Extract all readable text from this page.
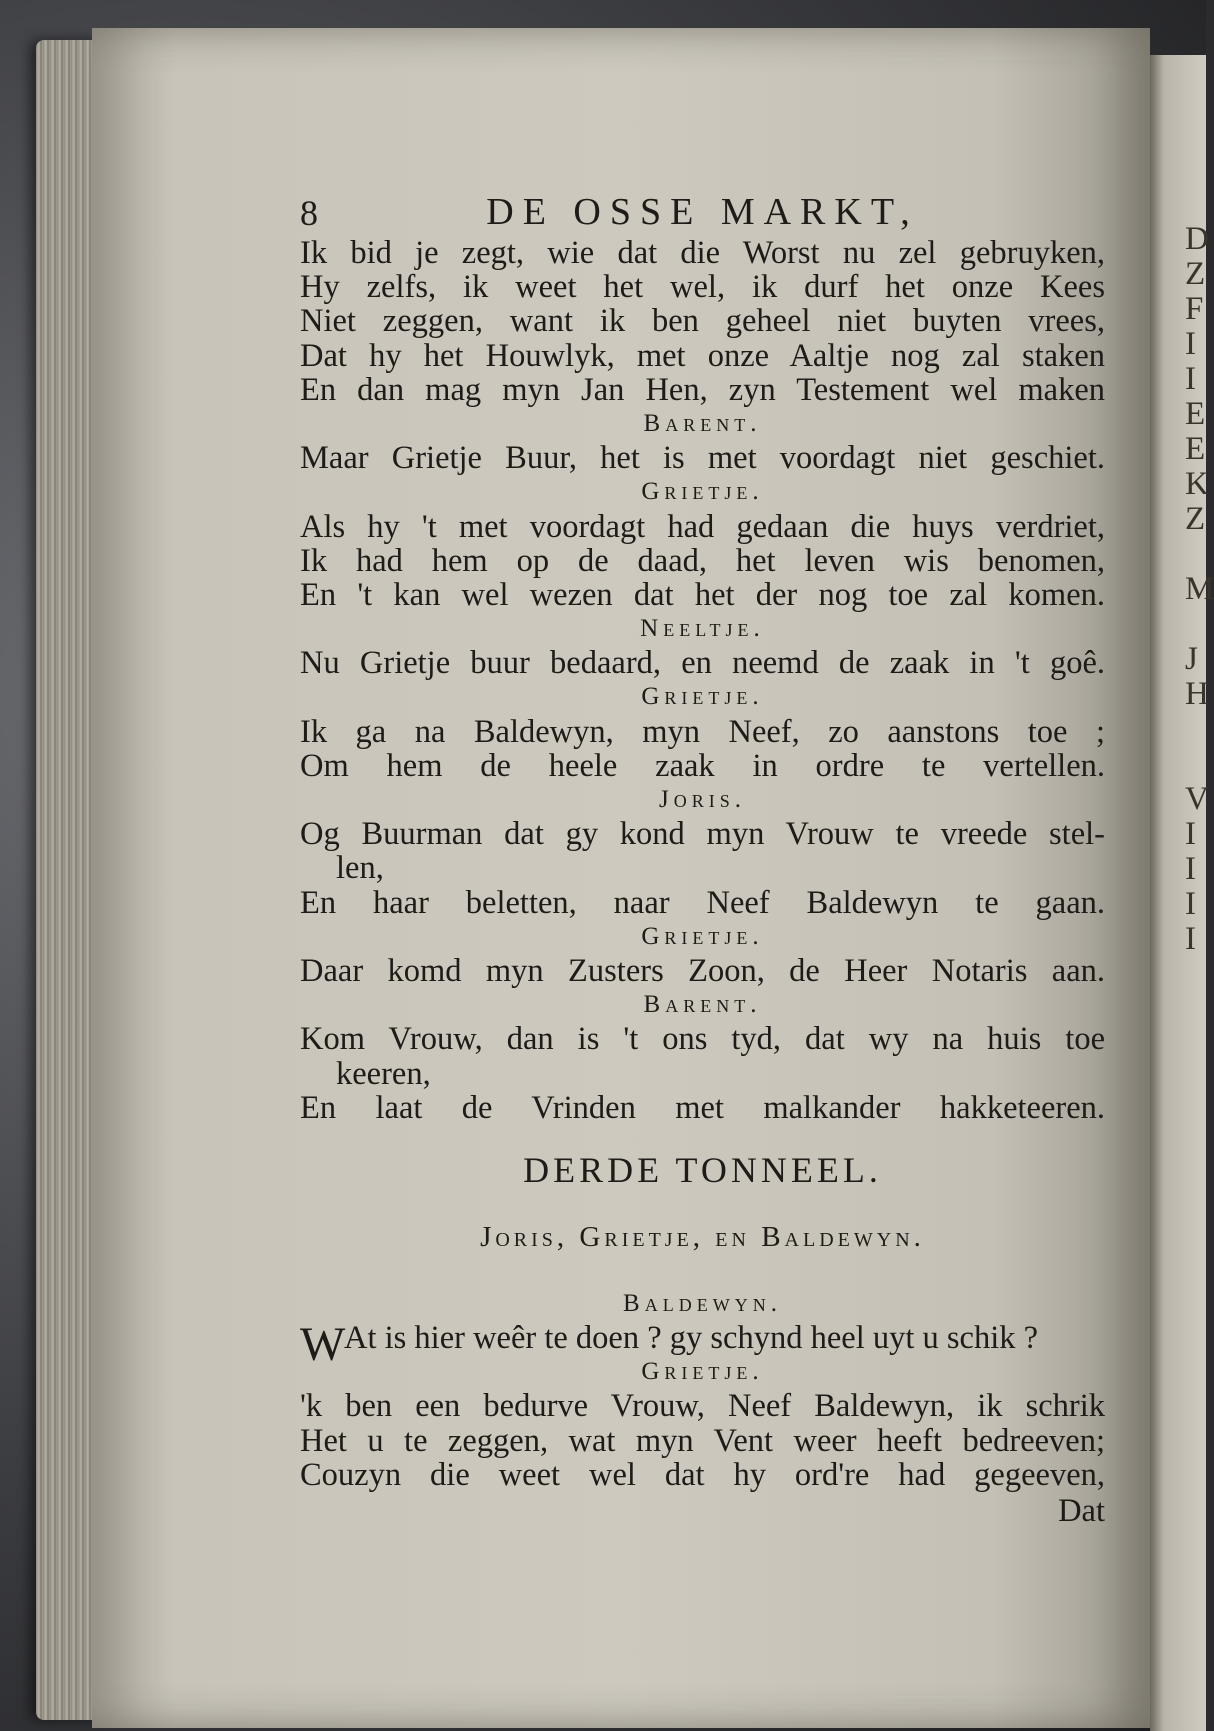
D
Z
F
I
I
E
E
K
Z
M
J
H
V
I
I
I
I
8	DE OSSE MARKT,
Ik bid je zegt, wie dat die Worst nu zel gebruyken,
Hy zelfs, ik weet het wel, ik durf het onze Kees
Niet zeggen, want ik ben geheel niet buyten vrees,
Dat hy het Houwlyk, met onze Aaltje nog zal staken
En dan mag myn Jan Hen, zyn Testement wel maken
Barent.
Maar Grietje Buur, het is met voordagt niet geschiet.
Grietje.
Als hy 't met voordagt had gedaan die huys verdriet,
Ik had hem op de daad, het leven wis benomen,
En 't kan wel wezen dat het der nog toe zal komen.
Neeltje.
Nu Grietje buur bedaard, en neemd de zaak in 't goê.
Grietje.
Ik ga na Baldewyn, myn Neef, zo aanstons toe ;
Om hem de heele zaak in ordre te vertellen.
Joris.
Og Buurman dat gy kond myn Vrouw te vreede stel-
len,
En haar beletten, naar Neef Baldewyn te gaan.
Grietje.
Daar komd myn Zusters Zoon, de Heer Notaris aan.
Barent.
Kom Vrouw, dan is 't ons tyd, dat wy na huis toe
keeren,
En laat de Vrinden met malkander hakketeeren.
DERDE TONNEEL.
Joris, Grietje, en Baldewyn.
Baldewyn.
W
At is hier weêr te doen ? gy schynd heel uyt u schik ?
Grietje.
'k ben een bedurve Vrouw, Neef Baldewyn, ik schrik
Het u te zeggen, wat myn Vent weer heeft bedreeven;
Couzyn die weet wel dat hy ord're had gegeeven,
Dat
